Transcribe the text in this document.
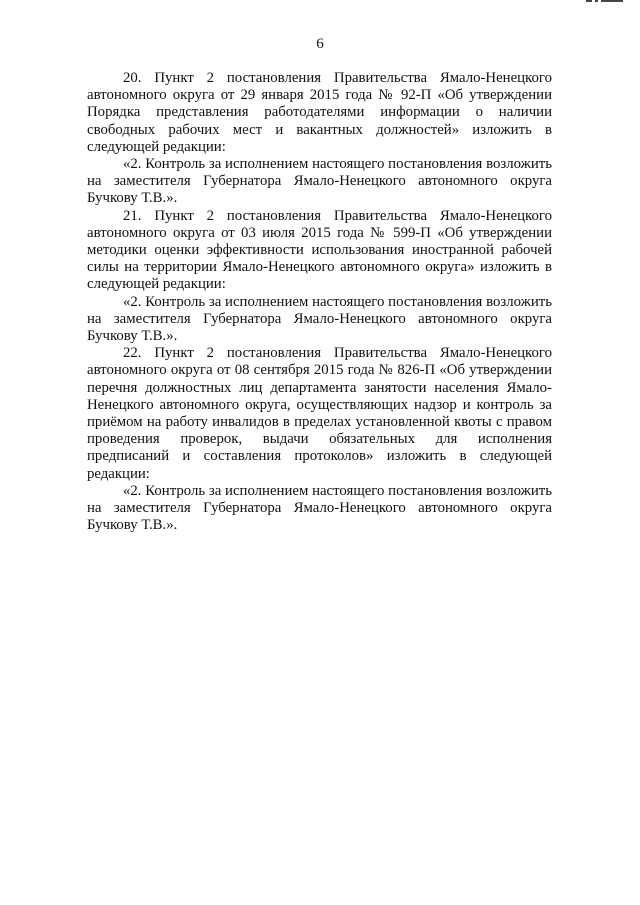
6

20. Пункт 2 постановления Правительства Ямало-Ненецкого автономного округа от 29 января 2015 года № 92-П «Об утверждении Порядка представления работодателями информации о наличии свободных рабочих мест и вакантных должностей» изложить в следующей редакции:

«2. Контроль за исполнением настоящего постановления возложить на заместителя Губернатора Ямало-Ненецкого автономного округа Бучкову Т.В.».

21. Пункт 2 постановления Правительства Ямало-Ненецкого автономного округа от 03 июля 2015 года № 599-П «Об утверждении методики оценки эффективности использования иностранной рабочей силы на территории Ямало-Ненецкого автономного округа» изложить в следующей редакции:

«2. Контроль за исполнением настоящего постановления возложить на заместителя Губернатора Ямало-Ненецкого автономного округа Бучкову Т.В.».

22. Пункт 2 постановления Правительства Ямало-Ненецкого автономного округа от 08 сентября 2015 года № 826-П «Об утверждении перечня должностных лиц департамента занятости населения Ямало-Ненецкого автономного округа, осуществляющих надзор и контроль за приёмом на работу инвалидов в пределах установленной квоты с правом проведения проверок, выдачи обязательных для исполнения предписаний и составления протоколов» изложить в следующей редакции:

«2. Контроль за исполнением настоящего постановления возложить на заместителя Губернатора Ямало-Ненецкого автономного округа Бучкову Т.В.».
